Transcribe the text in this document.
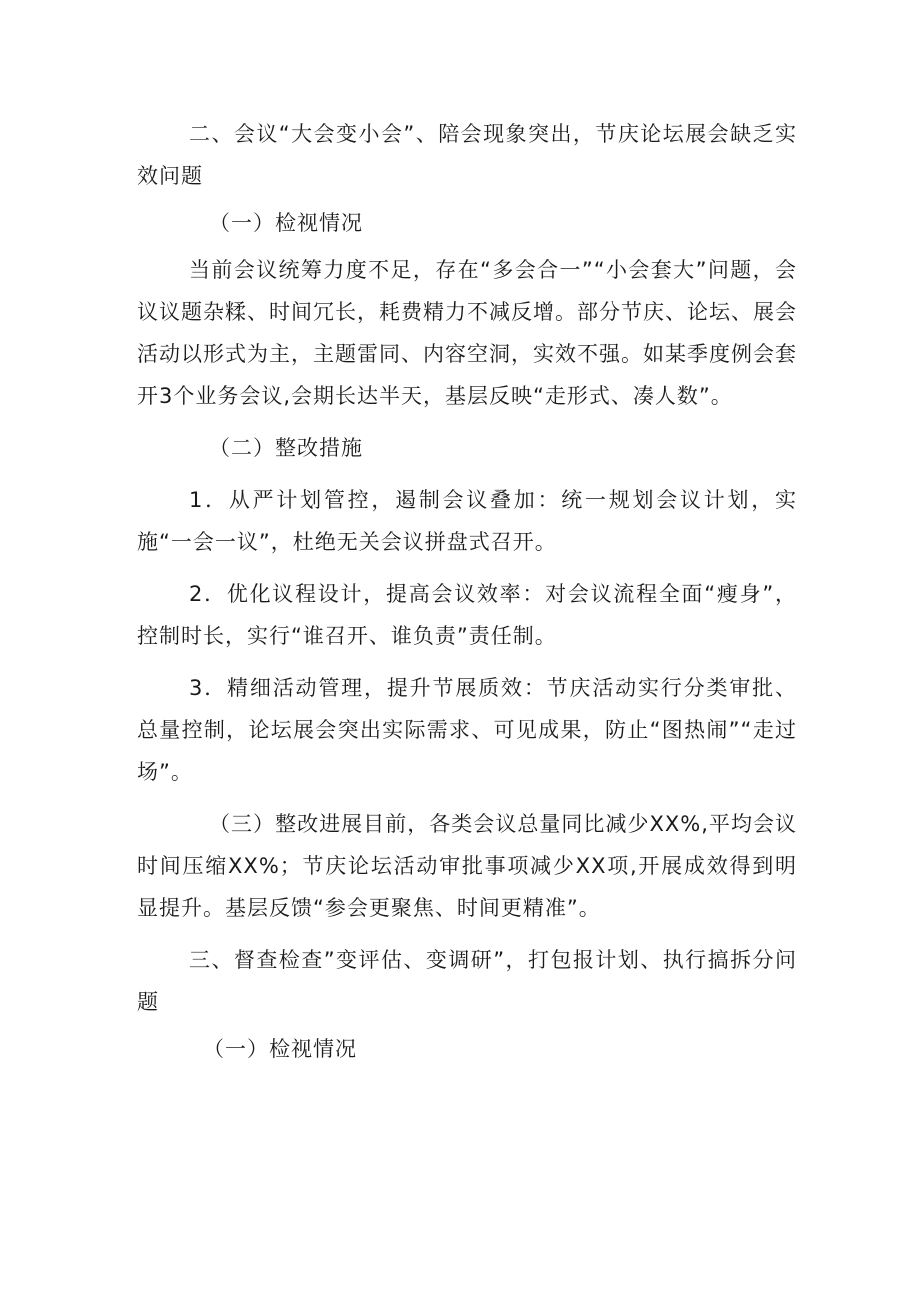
二、会议“大会变小会”、陪会现象突出，节庆论坛展会缺乏实效问题

（一）检视情况

当前会议统筹力度不足，存在“多会合一”“小会套大”问题，会议议题杂糅、时间冗长，耗费精力不减反增。部分节庆、论坛、展会活动以形式为主，主题雷同、内容空洞，实效不强。如某季度例会套开3个业务会议,会期长达半天，基层反映“走形式、凑人数”。

（二）整改措施

1．从严计划管控，遏制会议叠加：统一规划会议计划，实施“一会一议”，杜绝无关会议拼盘式召开。

2．优化议程设计，提高会议效率：对会议流程全面“瘦身”，控制时长，实行“谁召开、谁负责”责任制。

3．精细活动管理，提升节展质效：节庆活动实行分类审批、总量控制，论坛展会突出实际需求、可见成果，防止“图热闹”“走过场”。

（三）整改进展目前，各类会议总量同比减少XX%,平均会议时间压缩XX%；节庆论坛活动审批事项减少XX项,开展成效得到明显提升。基层反馈“参会更聚焦、时间更精准”。

三、督查检查”变评估、变调研”，打包报计划、执行搞拆分问题

（一）检视情况
